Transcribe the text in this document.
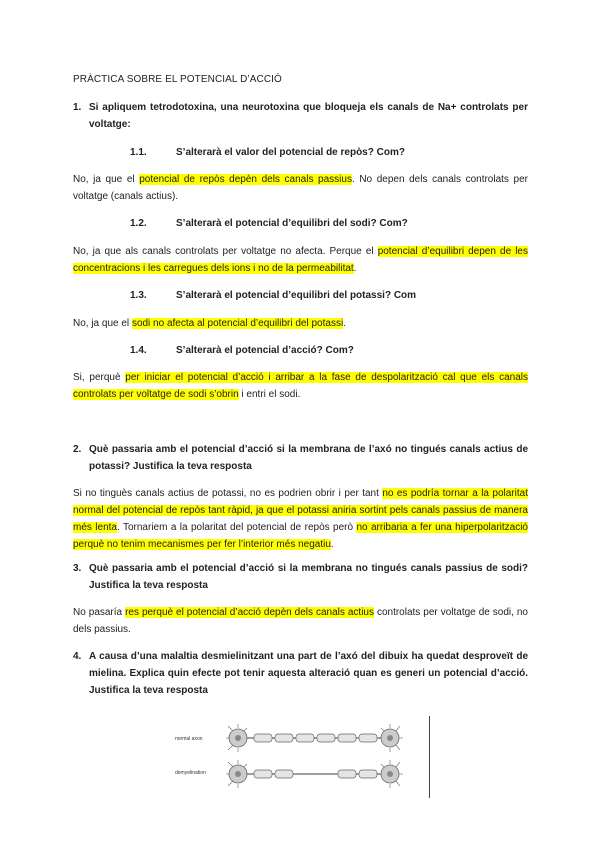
PRÀCTICA SOBRE EL POTENCIAL D’ACCIÓ
1. Si apliquem tetrodotoxina, una neurotoxina que bloqueja els canals de Na+ controlats per voltatge:
1.1.	S’alterarà el valor del potencial de repòs? Com?
No, ja que el potencial de repòs depèn dels canals passius. No depen dels canals controlats per voltatge (canals actius).
1.2.	S’alterarà el potencial d’equilibri del sodi? Com?
No, ja que als canals controlats per voltatge no afecta. Perque el potencial d’equilibri depen de les concentracions i les carregues dels ions i no de la permeabilitat.
1.3.	S’alterarà el potencial d’equilibri del potassi? Com
No, ja que el sodi no afecta al potencial d’equilibri del potassi.
1.4.	S’alterarà el potencial d’acció? Com?
Si, perquè per iniciar el potencial d’acció i arribar a la fase de despolarització cal que els canals controlats per voltatge de sodi s’obrin i entri el sodi.
2. Què passaria amb el potencial d’acció si la membrana de l’axó no tingués canals actius de potassi? Justifica la teva resposta
Si no tinguès canals actius de potassi, no es podrien obrir i per tant no es podría tornar a la polaritat normal del potencial de repòs tant ràpid, ja que el potassi aniria sortint pels canals passius de manera més lenta. Tornariem a la polaritat del potencial de repòs però no arribaria a fer una hiperpolarització perquè no tenim mecanismes per fer l’interior més negatiu.
3. Què passaria amb el potencial d’acció si la membrana no tingués canals passius de sodi? Justifica la teva resposta
No pasaría res perquè el potencial d’acció depèn dels canals actius controlats per voltatge de sodi, no dels passius.
4. A causa d’una malaltia desmielinitzant una part de l’axó del dibuix ha quedat desproveït de mielina. Explica quin efecte pot tenir aquesta alteració quan es generi un potencial d’acció. Justifica la teva resposta
normal axon
demyelination
